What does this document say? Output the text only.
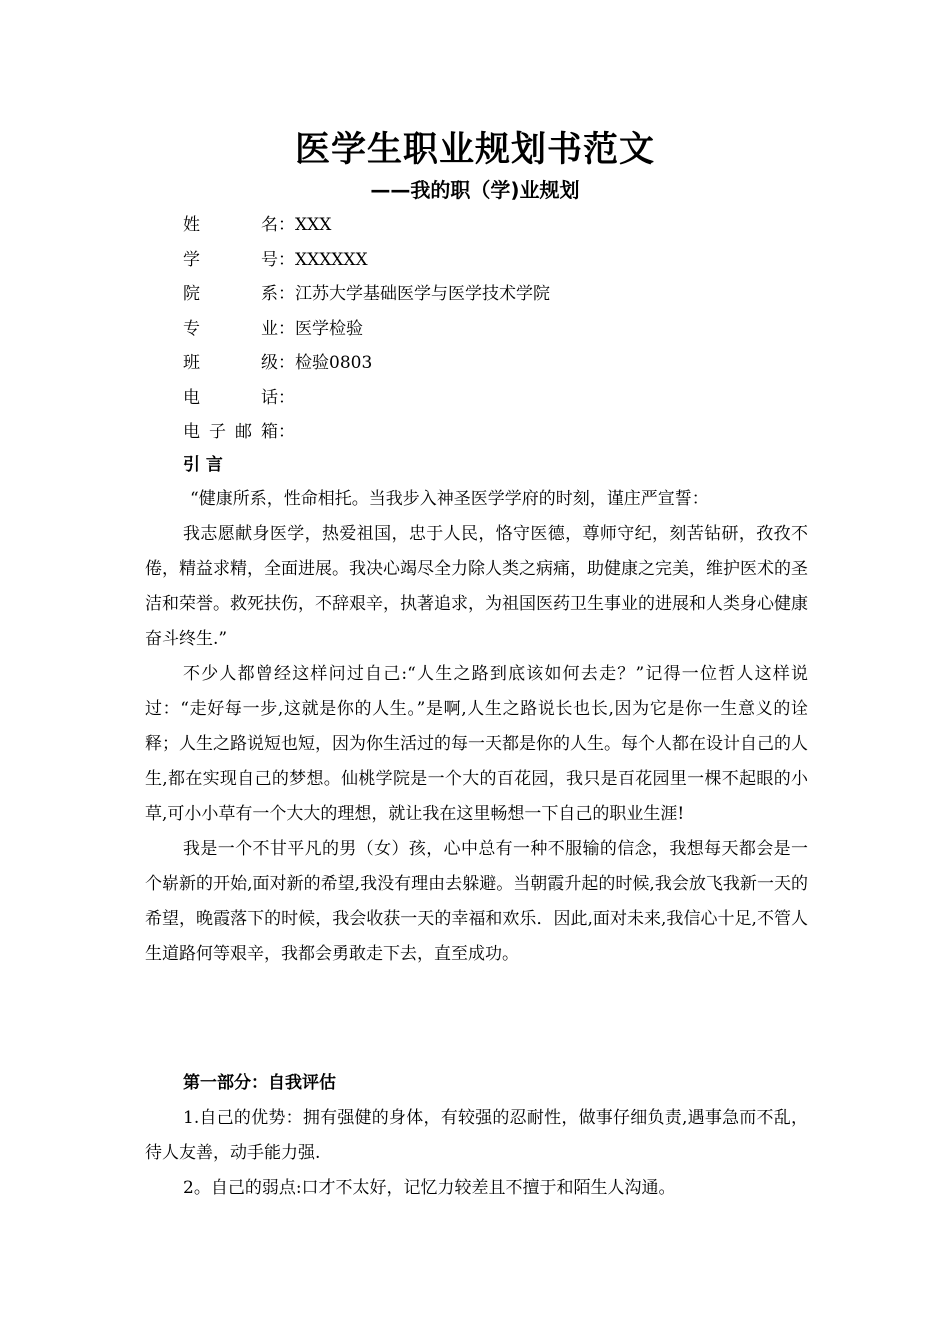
医学生职业规划书范文
——我的职（学)业规划
姓名：XXX
学号：XXXXXX
院系：江苏大学基础医学与医学技术学院
专业：医学检验
班级：检验0803
电话：
电子邮箱：
引 言

“健康所系，性命相托。当我步入神圣医学学府的时刻，谨庄严宣誓：

我志愿献身医学，热爱祖国，忠于人民，恪守医德，尊师守纪，刻苦钻研，孜孜不倦，精益求精，全面进展。我决心竭尽全力除人类之病痛，助健康之完美，维护医术的圣洁和荣誉。救死扶伤，不辞艰辛，执著追求，为祖国医药卫生事业的进展和人类身心健康奋斗终生.”

不少人都曾经这样问过自己:“人生之路到底该如何去走？”记得一位哲人这样说过：“走好每一步,这就是你的人生。”是啊,人生之路说长也长,因为它是你一生意义的诠释；人生之路说短也短，因为你生活过的每一天都是你的人生。每个人都在设计自己的人生,都在实现自己的梦想。仙桃学院是一个大的百花园，我只是百花园里一棵不起眼的小草,可小小草有一个大大的理想，就让我在这里畅想一下自己的职业生涯!

我是一个不甘平凡的男（女）孩，心中总有一种不服输的信念，我想每天都会是一个崭新的开始,面对新的希望,我没有理由去躲避。当朝霞升起的时候,我会放飞我新一天的希望，晚霞落下的时候，我会收获一天的幸福和欢乐．因此,面对未来,我信心十足,不管人生道路何等艰辛，我都会勇敢走下去，直至成功。

第一部分：自我评估

1.自己的优势：拥有强健的身体，有较强的忍耐性，做事仔细负责,遇事急而不乱，待人友善，动手能力强.

2。自己的弱点:口才不太好，记忆力较差且不擅于和陌生人沟通。
